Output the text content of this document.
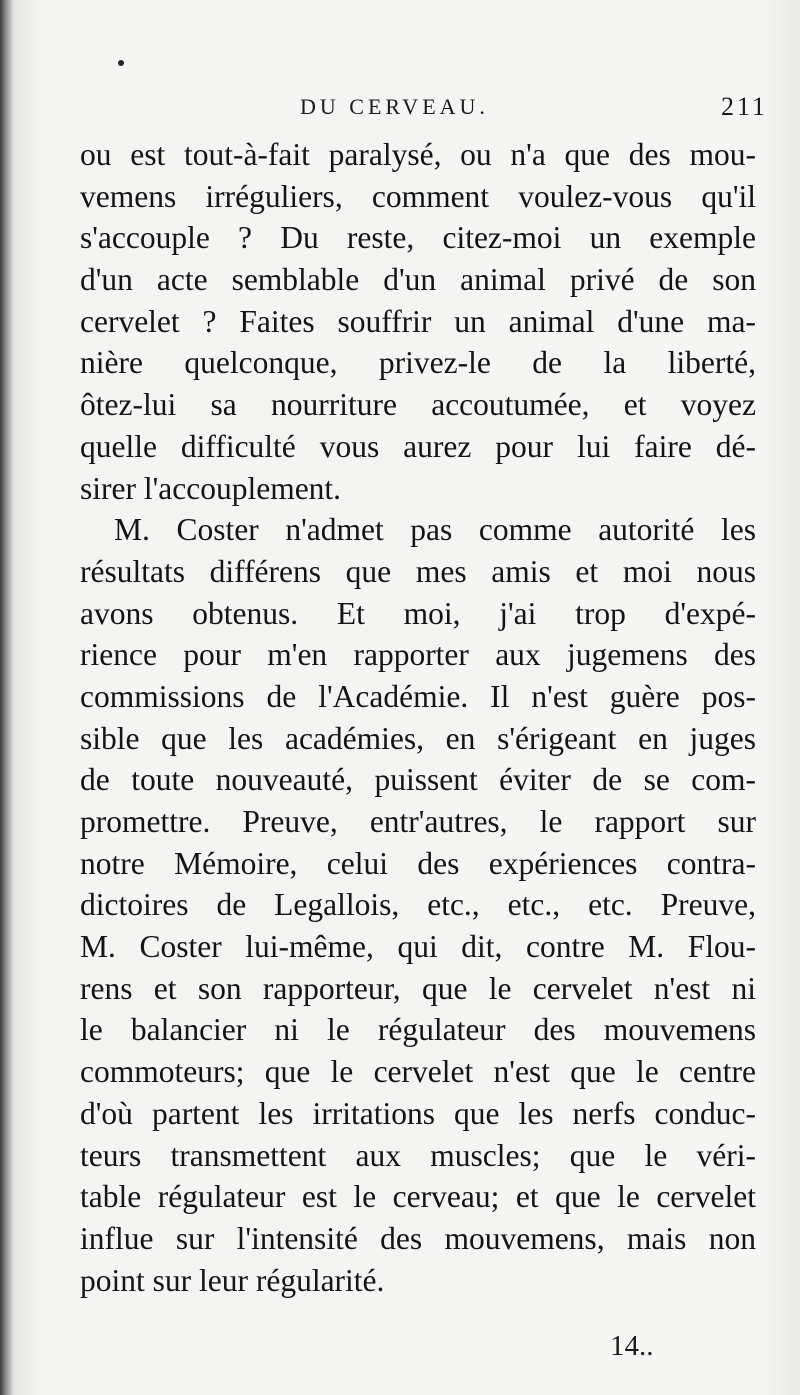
DU CERVEAU.	211
ou est tout-à-fait paralysé, ou n'a que des mou-
vemens irréguliers, comment voulez-vous qu'il
s'accouple ? Du reste, citez-moi un exemple
d'un acte semblable d'un animal privé de son
cervelet ? Faites souffrir un animal d'une ma-
nière quelconque, privez-le de la liberté,
ôtez-lui sa nourriture accoutumée, et voyez
quelle difficulté vous aurez pour lui faire dé-
sirer l'accouplement.
M. Coster n'admet pas comme autorité les
résultats différens que mes amis et moi nous
avons obtenus. Et moi, j'ai trop d'expé-
rience pour m'en rapporter aux jugemens des
commissions de l'Académie. Il n'est guère pos-
sible que les académies, en s'érigeant en juges
de toute nouveauté, puissent éviter de se com-
promettre. Preuve, entr'autres, le rapport sur
notre Mémoire, celui des expériences contra-
dictoires de Legallois, etc., etc., etc. Preuve,
M. Coster lui-même, qui dit, contre M. Flou-
rens et son rapporteur, que le cervelet n'est ni
le balancier ni le régulateur des mouvemens
commoteurs; que le cervelet n'est que le centre
d'où partent les irritations que les nerfs conduc-
teurs transmettent aux muscles; que le véri-
table régulateur est le cerveau; et que le cervelet
influe sur l'intensité des mouvemens, mais non
point sur leur régularité.
14..
